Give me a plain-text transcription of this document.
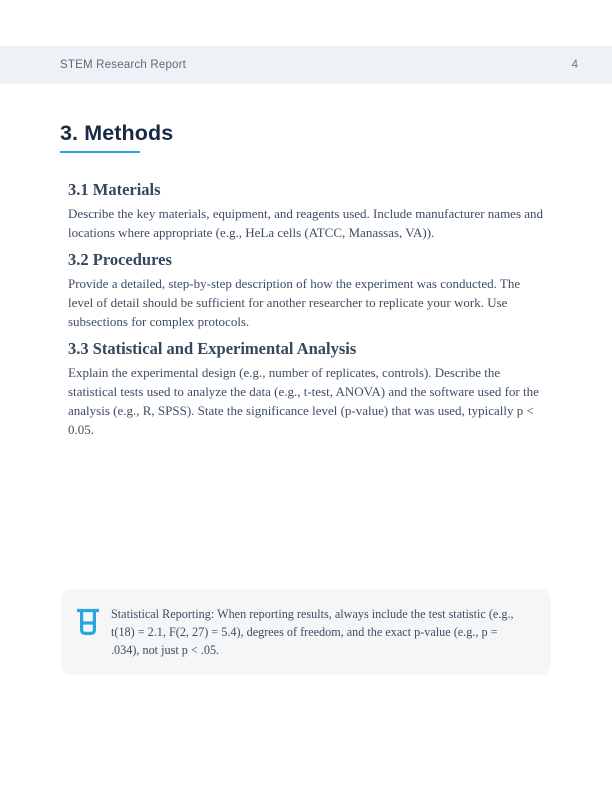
STEM Research Report	4
3. Methods
3.1 Materials

Describe the key materials, equipment, and reagents used. Include manufacturer names and locations where appropriate (e.g., HeLa cells (ATCC, Manassas, VA)).

3.2 Procedures

Provide a detailed, step-by-step description of how the experiment was conducted. The level of detail should be sufficient for another researcher to replicate your work. Use subsections for complex protocols.

3.3 Statistical and Experimental Analysis

Explain the experimental design (e.g., number of replicates, controls). Describe the statistical tests used to analyze the data (e.g., t-test, ANOVA) and the software used for the analysis (e.g., R, SPSS). State the significance level (p-value) that was used, typically p < 0.05.

Statistical Reporting: When reporting results, always include the test statistic (e.g., t(18) = 2.1, F(2, 27) = 5.4), degrees of freedom, and the exact p-value (e.g., p = .034), not just p < .05.
